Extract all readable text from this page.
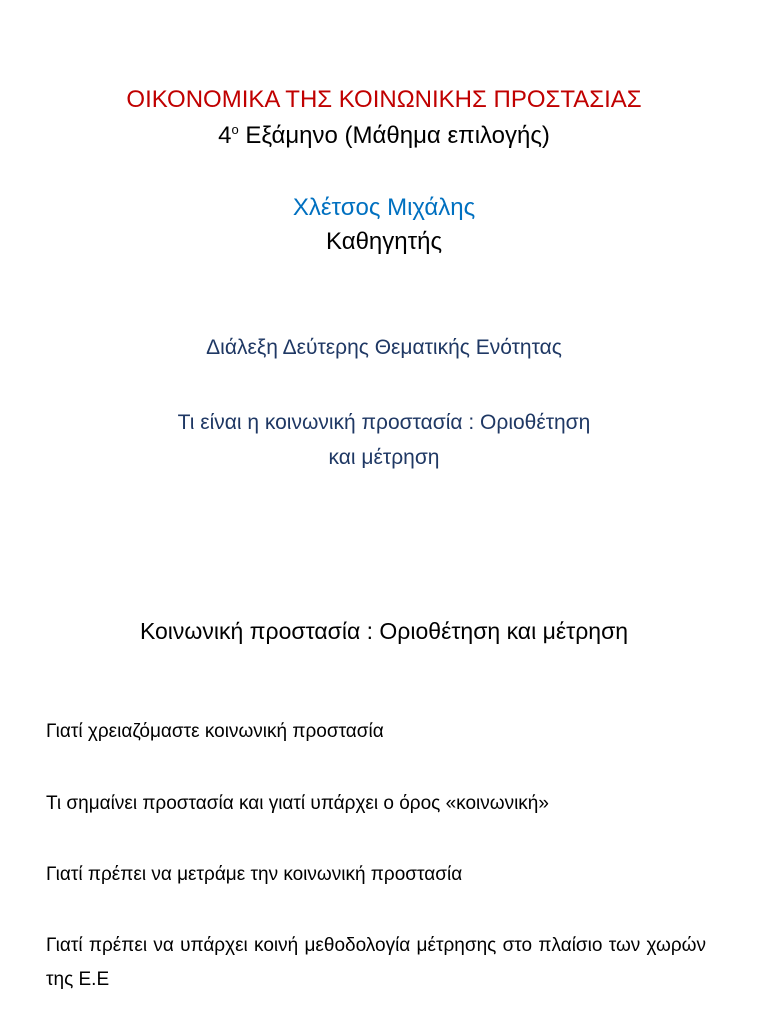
ΟΙΚΟΝΟΜΙΚΑ ΤΗΣ ΚΟΙΝΩΝΙΚΗΣ ΠΡΟΣΤΑΣΙΑΣ

$4^o$ Εξάμηνο (Μάθημα επιλογής)

Χλέτσος Μιχάλης

Καθηγητής

Διάλεξη Δεύτερης Θεματικής Ενότητας

Τι είναι η κοινωνική προστασία : Οριοθέτηση

και μέτρηση

Κοινωνική προστασία : Οριοθέτηση και μέτρηση

Γιατί χρειαζόμαστε κοινωνική προστασία

Τι σημαίνει προστασία και γιατί υπάρχει ο όρος «κοινωνική»

Γιατί πρέπει να μετράμε την κοινωνική προστασία

Γιατί πρέπει να υπάρχει κοινή μεθοδολογία μέτρησης στο πλαίσιο των χωρών της Ε.Ε
